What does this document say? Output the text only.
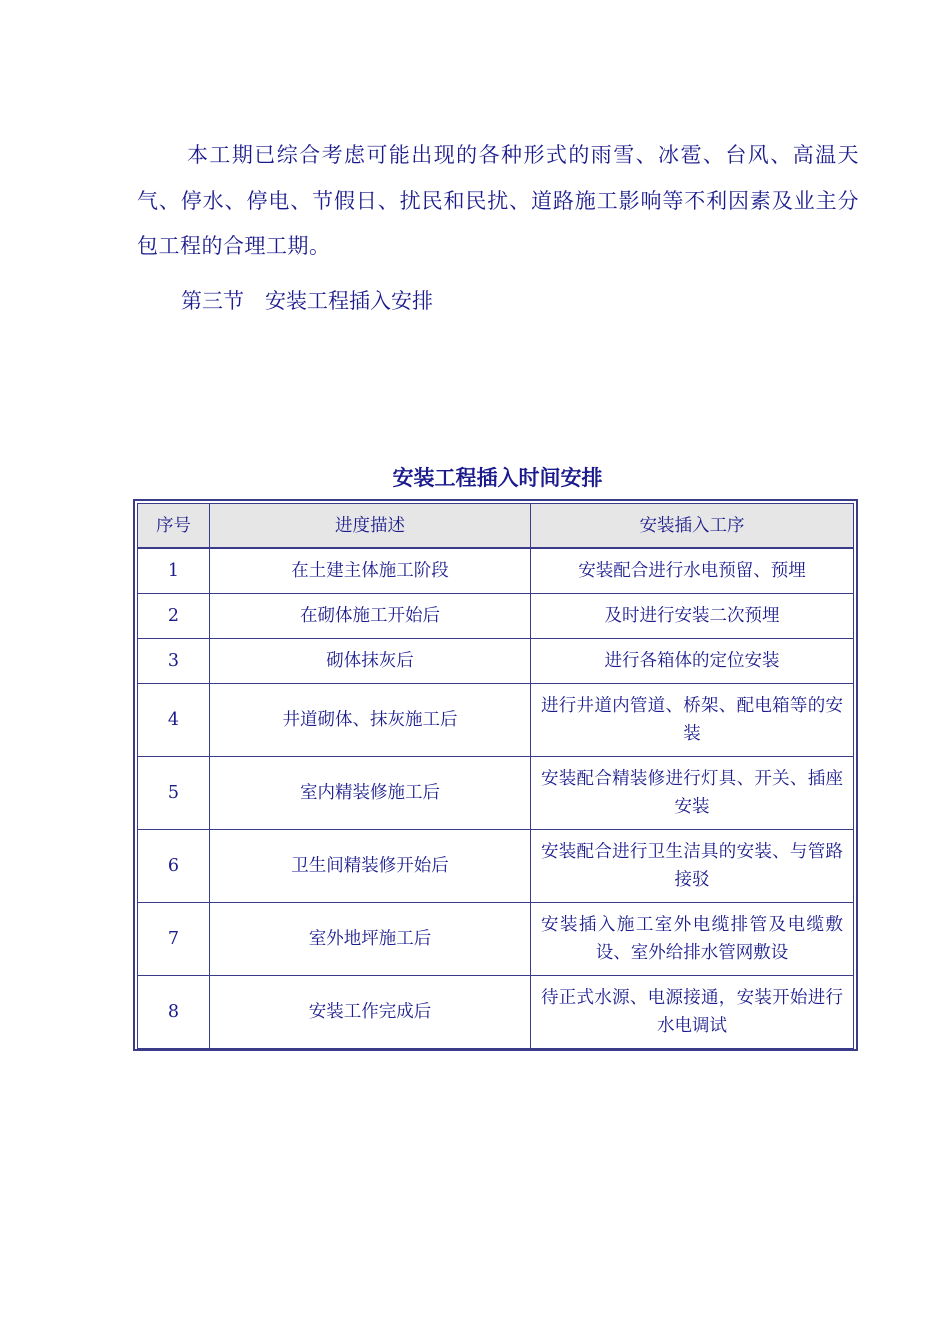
本工期已综合考虑可能出现的各种形式的雨雪、冰雹、台风、高温天气、停水、停电、节假日、扰民和民扰、道路施工影响等不利因素及业主分包工程的合理工期。

第三节　安装工程插入安排
安装工程插入时间安排
序号	进度描述	安装插入工序
1	在土建主体施工阶段	安装配合进行水电预留、预埋
2	在砌体施工开始后	及时进行安装二次预埋
3	砌体抹灰后	进行各箱体的定位安装
4	井道砌体、抹灰施工后	进行井道内管道、桥架、配电箱等的安装
5	室内精装修施工后	安装配合精装修进行灯具、开关、插座安装
6	卫生间精装修开始后	安装配合进行卫生洁具的安装、与管路接驳
7	室外地坪施工后	安装插入施工室外电缆排管及电缆敷设、室外给排水管网敷设
8	安装工作完成后	待正式水源、电源接通，安装开始进行水电调试
